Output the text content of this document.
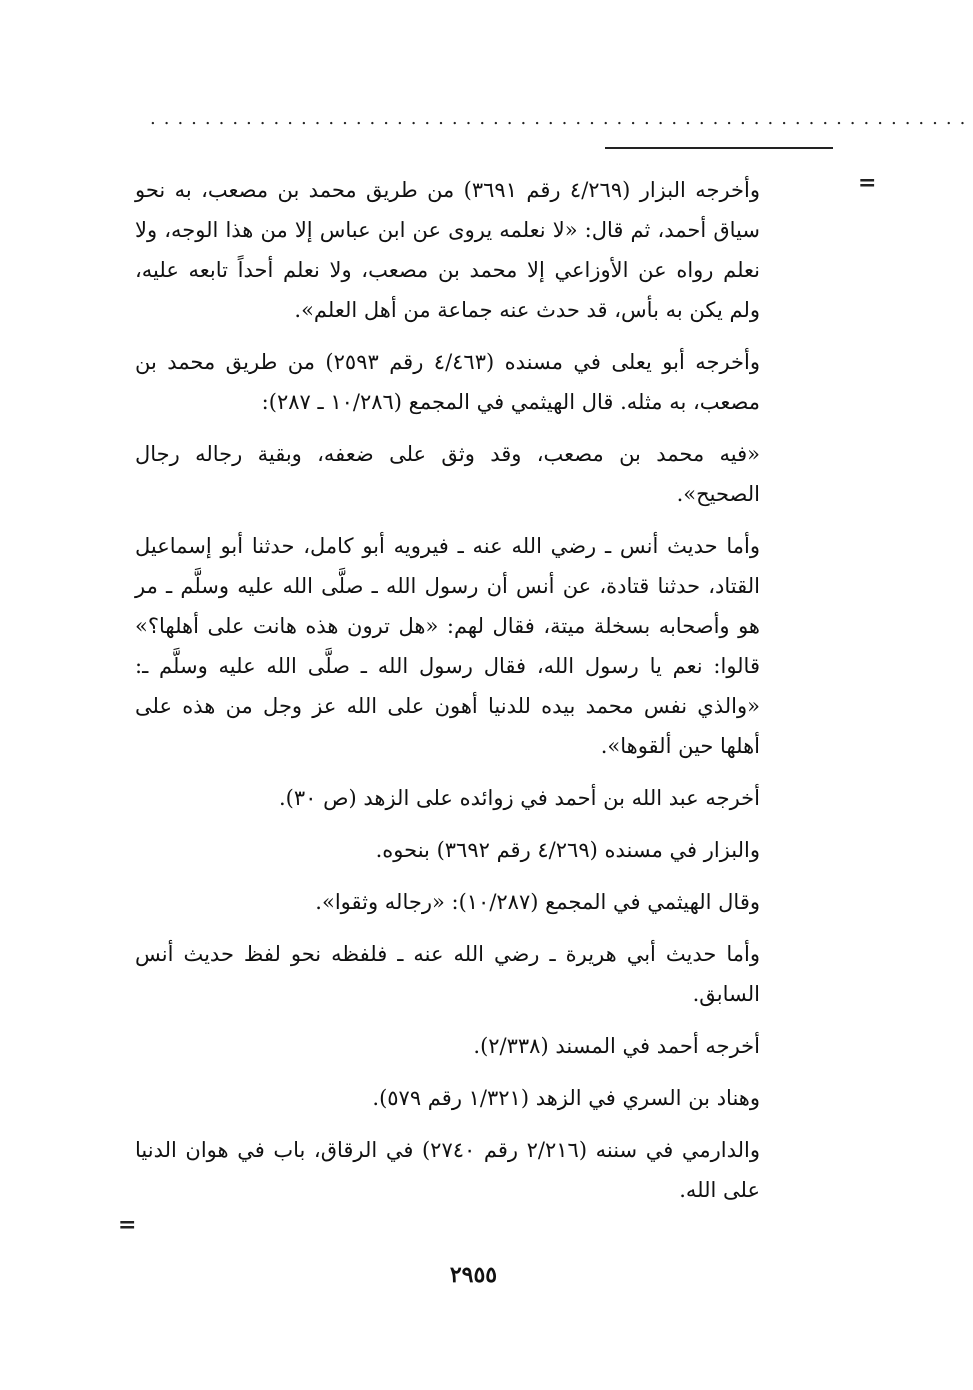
............................................................
=

وأخرجه البزار (٤/٢٦٩ رقم ٣٦٩١) من طريق محمد بن مصعب، به نحو سياق أحمد، ثم قال: «لا نعلمه يروى عن ابن عباس إلا من هذا الوجه، ولا نعلم رواه عن الأوزاعي إلا محمد بن مصعب، ولا نعلم أحداً تابعه عليه، ولم يكن به بأس، قد حدث عنه جماعة من أهل العلم».

وأخرجه أبو يعلى في مسنده (٤/٤٦٣ رقم ٢٥٩٣) من طريق محمد بن مصعب، به مثله. قال الهيثمي في المجمع (١٠/٢٨٦ ـ ٢٨٧):

«فيه محمد بن مصعب، وقد وثق على ضعفه، وبقية رجاله رجال الصحيح».

وأما حديث أنس ـ رضي الله عنه ـ فيرويه أبو كامل، حدثنا أبو إسماعيل القتاد، حدثنا قتادة، عن أنس أن رسول الله ـ صلَّى الله عليه وسلَّم ـ مر هو وأصحابه بسخلة ميتة، فقال لهم: «هل ترون هذه هانت على أهلها؟» قالوا: نعم يا رسول الله، فقال رسول الله ـ صلَّى الله عليه وسلَّم ـ: «والذي نفس محمد بيده للدنيا أهون على الله عز وجل من هذه على أهلها حين ألقوها».

أخرجه عبد الله بن أحمد في زوائده على الزهد (ص ٣٠).

والبزار في مسنده (٤/٢٦٩ رقم ٣٦٩٢) بنحوه.

وقال الهيثمي في المجمع (١٠/٢٨٧): «رجاله وثقوا».

وأما حديث أبي هريرة ـ رضي الله عنه ـ فلفظه نحو لفظ حديث أنس السابق.

أخرجه أحمد في المسند (٢/٣٣٨).

وهناد بن السري في الزهد (١/٣٢١ رقم ٥٧٩).

والدارمي في سننه (٢/٢١٦ رقم ٢٧٤٠) في الرقاق، باب في هوان الدنيا على الله.

=
٢٩٥٥
